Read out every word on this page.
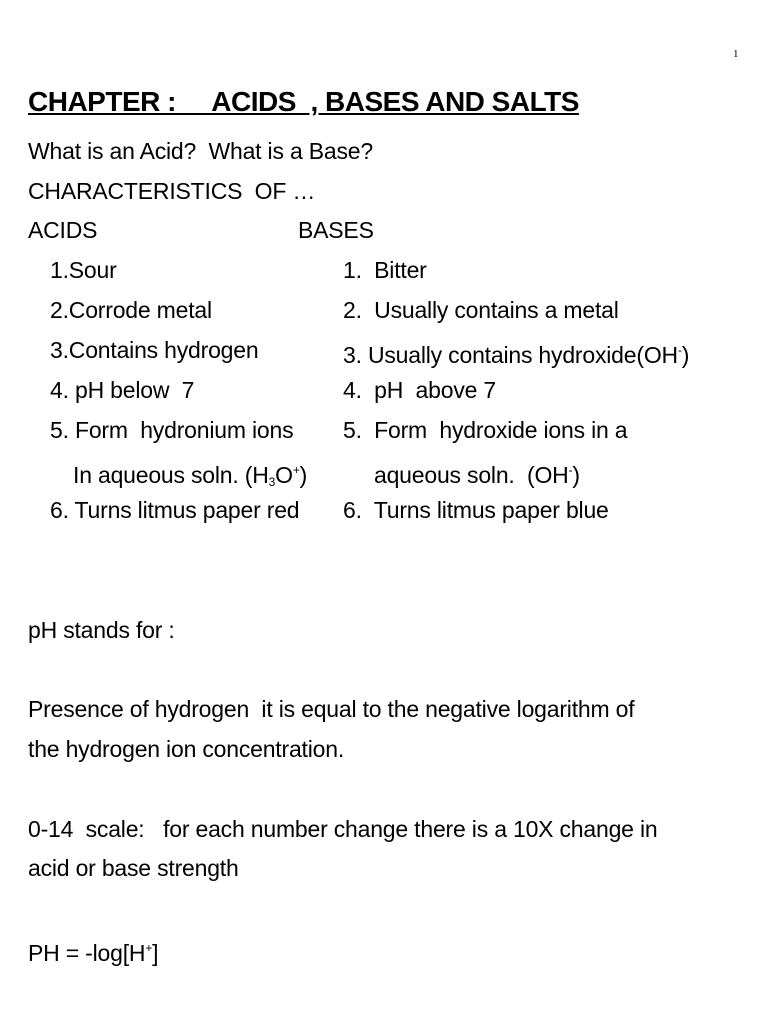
1
CHAPTER :     ACIDS  , BASES AND SALTS
What is an Acid?  What is a Base?
CHARACTERISTICS  OF …
ACIDS
1.Sour
2.Corrode metal
3.Contains hydrogen
4. pH below  7
5. Form  hydronium ions
In aqueous soln. $(H_3O^+)$
6. Turns litmus paper red
BASES
1.  Bitter
2.  Usually contains a metal
3. Usually contains hydroxide(OH-)
4.  pH  above 7
5.  Form  hydroxide ions in a
aqueous soln.  (OH-)
6.  Turns litmus paper blue
pH stands for :
Presence of hydrogen  it is equal to the negative logarithm of
the hydrogen ion concentration.
0-14  scale:   for each number change there is a 10X change in
acid or base strength
PH = -log[H+]
